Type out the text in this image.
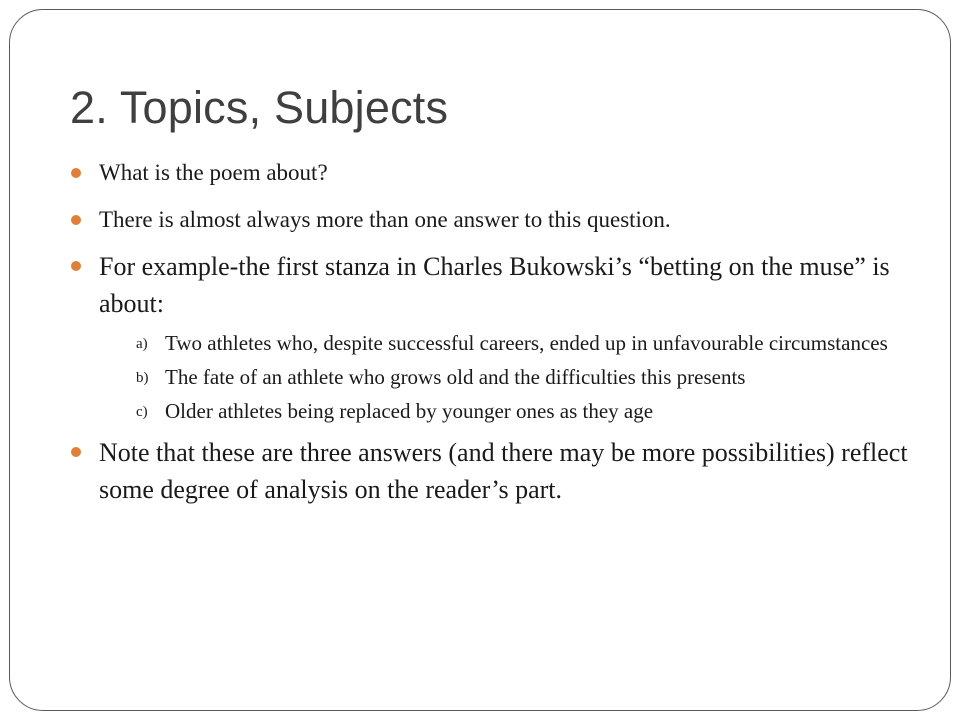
2. Topics, Subjects
What is the poem about?
There is almost always more than one answer to this question.
For example-the first stanza in Charles Bukowski’s “betting on the muse” is about:
a) Two athletes who, despite successful careers, ended up in unfavourable circumstances
b) The fate of an athlete who grows old and the difficulties this presents
c) Older athletes being replaced by younger ones as they age
Note that these are three answers (and there may be more possibilities) reflect some degree of analysis on the reader’s part.
